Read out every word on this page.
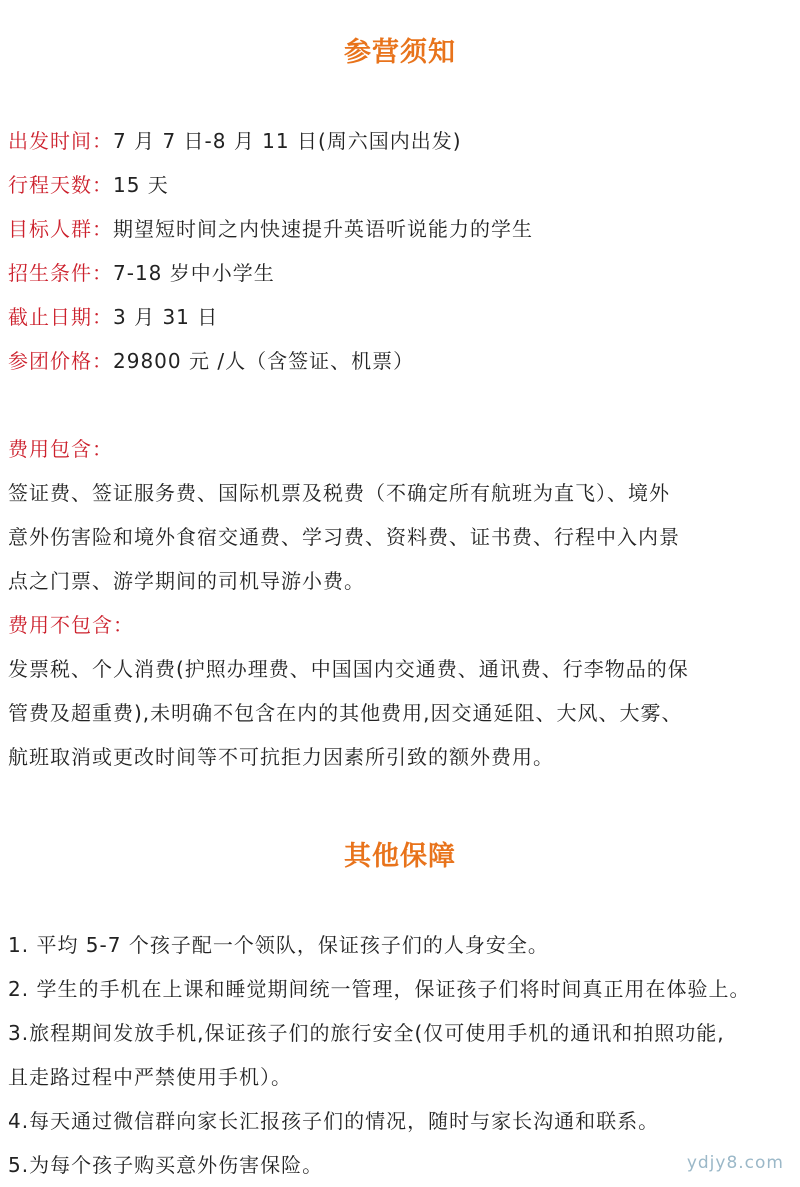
参营须知
出发时间：7 月 7 日-8 月 11 日(周六国内出发)
行程天数：15 天
目标人群：期望短时间之内快速提升英语听说能力的学生
招生条件：7-18 岁中小学生
截止日期：3 月 31 日
参团价格：29800 元 /人（含签证、机票）
费用包含：
签证费、签证服务费、国际机票及税费（不确定所有航班为直飞）、境外
意外伤害险和境外食宿交通费、学习费、资料费、证书费、行程中入内景
点之门票、游学期间的司机导游小费。
费用不包含：
发票税、个人消费(护照办理费、中国国内交通费、通讯费、行李物品的保
管费及超重费),未明确不包含在内的其他费用,因交通延阻、大风、大雾、
航班取消或更改时间等不可抗拒力因素所引致的额外费用。
其他保障
1. 平均 5-7 个孩子配一个领队，保证孩子们的人身安全。
2. 学生的手机在上课和睡觉期间统一管理，保证孩子们将时间真正用在体验上。
3.旅程期间发放手机,保证孩子们的旅行安全(仅可使用手机的通讯和拍照功能,
且走路过程中严禁使用手机）。
4.每天通过微信群向家长汇报孩子们的情况，随时与家长沟通和联系。
5.为每个孩子购买意外伤害保险。	ydjy8.com
